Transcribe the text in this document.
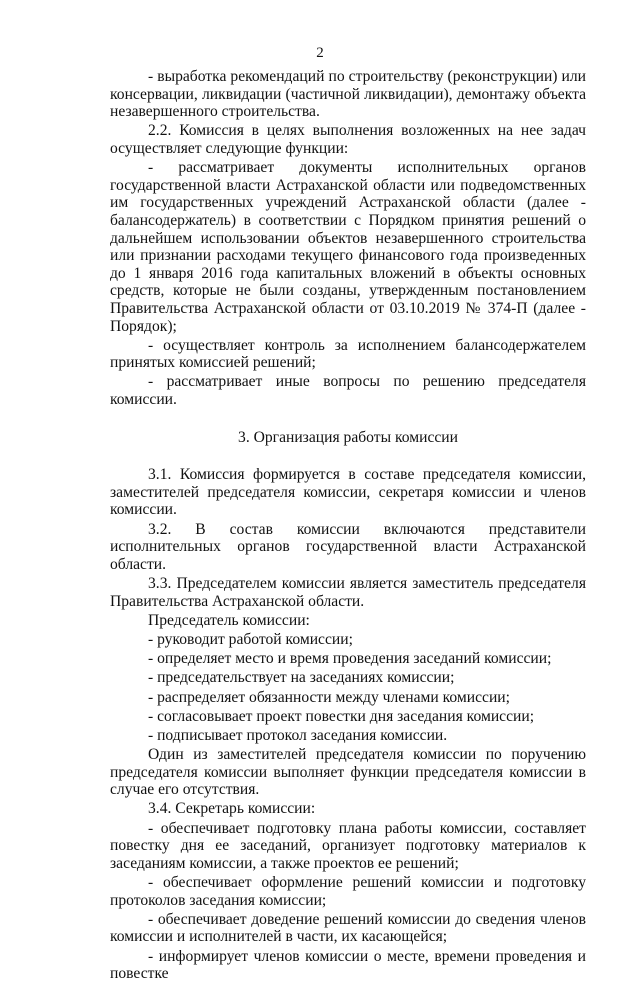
2

- выработка рекомендаций по строительству (реконструкции) или консервации, ликвидации (частичной ликвидации), демонтажу объекта незавершенного строительства.

2.2. Комиссия в целях выполнения возложенных на нее задач осуществляет следующие функции:

- рассматривает документы исполнительных органов государственной власти Астраханской области или подведомственных им государственных учреждений Астраханской области (далее - балансодержатель) в соответствии с Порядком принятия решений о дальнейшем использовании объектов незавершенного строительства или признании расходами текущего финансового года произведенных до 1 января 2016 года капитальных вложений в объекты основных средств, которые не были созданы, утвержденным постановлением Правительства Астраханской области от 03.10.2019 № 374-П (далее - Порядок);

- осуществляет контроль за исполнением балансодержателем принятых комиссией решений;

- рассматривает иные вопросы по решению председателя комиссии.

3. Организация работы комиссии

3.1. Комиссия формируется в составе председателя комиссии, заместителей председателя комиссии, секретаря комиссии и членов комиссии.

3.2. В состав комиссии включаются представители исполнительных органов государственной власти Астраханской области.

3.3. Председателем комиссии является заместитель председателя Правительства Астраханской области.

Председатель комиссии:

- руководит работой комиссии;

- определяет место и время проведения заседаний комиссии;

- председательствует на заседаниях комиссии;

- распределяет обязанности между членами комиссии;

- согласовывает проект повестки дня заседания комиссии;

- подписывает протокол заседания комиссии.

Один из заместителей председателя комиссии по поручению председателя комиссии выполняет функции председателя комиссии в случае его отсутствия.

3.4. Секретарь комиссии:

- обеспечивает подготовку плана работы комиссии, составляет повестку дня ее заседаний, организует подготовку материалов к заседаниям комиссии, а также проектов ее решений;

- обеспечивает оформление решений комиссии и подготовку протоколов заседания комиссии;

- обеспечивает доведение решений комиссии до сведения членов комиссии и исполнителей в части, их касающейся;

- информирует членов комиссии о месте, времени проведения и повестке
